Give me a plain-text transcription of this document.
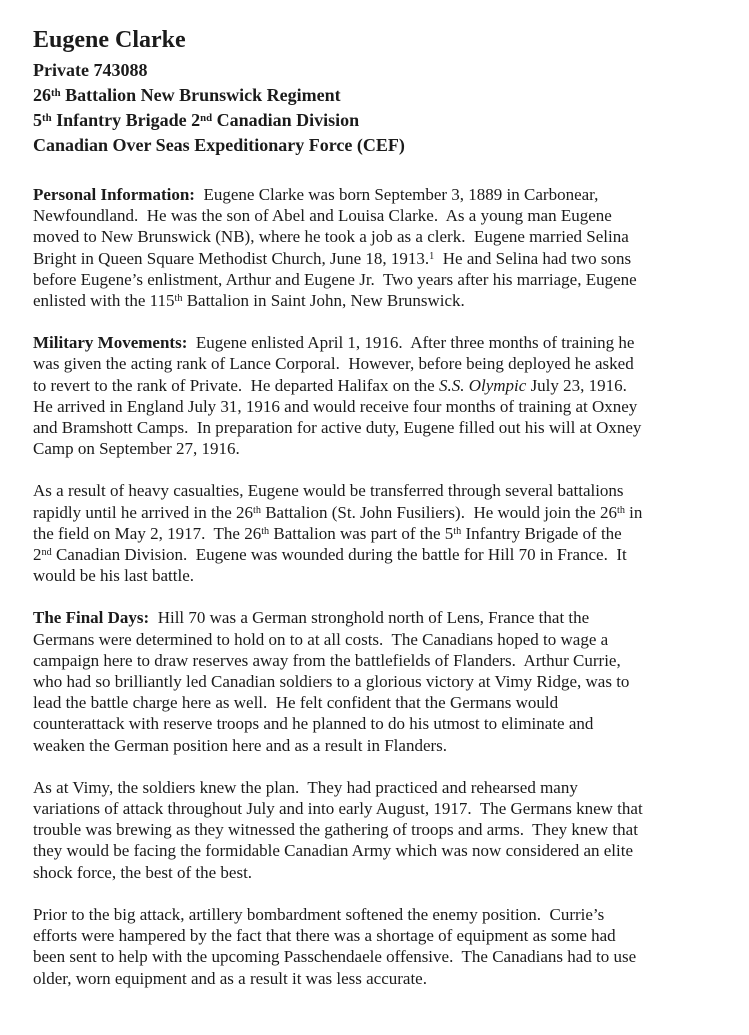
Eugene Clarke
Private 743088
26th Battalion New Brunswick Regiment
5th Infantry Brigade 2nd Canadian Division
Canadian Over Seas Expeditionary Force (CEF)
Personal Information:  Eugene Clarke was born September 3, 1889 in Carbonear,
Newfoundland.  He was the son of Abel and Louisa Clarke.  As a young man Eugene
moved to New Brunswick (NB), where he took a job as a clerk.  Eugene married Selina
Bright in Queen Square Methodist Church, June 18, 1913.$^1$  He and Selina had two sons
before Eugene’s enlistment, Arthur and Eugene Jr.  Two years after his marriage, Eugene
enlisted with the 115th Battalion in Saint John, New Brunswick.
Military Movements:  Eugene enlisted April 1, 1916.  After three months of training he
was given the acting rank of Lance Corporal.  However, before being deployed he asked
to revert to the rank of Private.  He departed Halifax on the S.S. Olympic July 23, 1916.
He arrived in England July 31, 1916 and would receive four months of training at Oxney
and Bramshott Camps.  In preparation for active duty, Eugene filled out his will at Oxney
Camp on September 27, 1916.
As a result of heavy casualties, Eugene would be transferred through several battalions
rapidly until he arrived in the 26th Battalion (St. John Fusiliers).  He would join the 26th in
the field on May 2, 1917.  The 26th Battalion was part of the 5th Infantry Brigade of the
2nd Canadian Division.  Eugene was wounded during the battle for Hill 70 in France.  It
would be his last battle.
The Final Days:  Hill 70 was a German stronghold north of Lens, France that the
Germans were determined to hold on to at all costs.  The Canadians hoped to wage a
campaign here to draw reserves away from the battlefields of Flanders.  Arthur Currie,
who had so brilliantly led Canadian soldiers to a glorious victory at Vimy Ridge, was to
lead the battle charge here as well.  He felt confident that the Germans would
counterattack with reserve troops and he planned to do his utmost to eliminate and
weaken the German position here and as a result in Flanders.
As at Vimy, the soldiers knew the plan.  They had practiced and rehearsed many
variations of attack throughout July and into early August, 1917.  The Germans knew that
trouble was brewing as they witnessed the gathering of troops and arms.  They knew that
they would be facing the formidable Canadian Army which was now considered an elite
shock force, the best of the best.
Prior to the big attack, artillery bombardment softened the enemy position.  Currie’s
efforts were hampered by the fact that there was a shortage of equipment as some had
been sent to help with the upcoming Passchendaele offensive.  The Canadians had to use
older, worn equipment and as a result it was less accurate.
